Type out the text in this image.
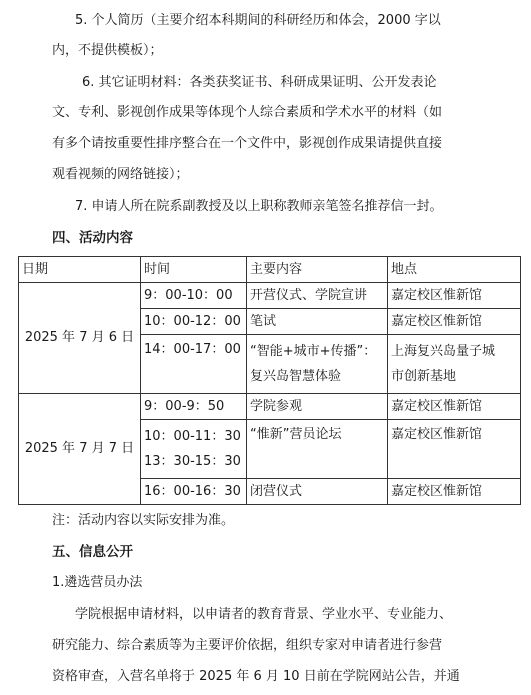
5. 个人简历（主要介绍本科期间的科研经历和体会，2000 字以
内，不提供模板）；
6. 其它证明材料：各类获奖证书、科研成果证明、公开发表论
文、专利、影视创作成果等体现个人综合素质和学术水平的材料（如
有多个请按重要性排序整合在一个文件中，影视创作成果请提供直接
观看视频的网络链接）；
7. 申请人所在院系副教授及以上职称教师亲笔签名推荐信一封。
四、活动内容
日期	时间	主要内容	地点
2025 年 7 月 6 日	9：00-10：00	开营仪式、学院宣讲	嘉定校区惟新馆
	10：00-12：00	笔试	嘉定校区惟新馆
	14：00-17：00	“智能+城市+传播”：
复兴岛智慧体验	上海复兴岛量子城
市创新基地

2025 年 7 月 7 日	9：00-9：50	学院参观	嘉定校区惟新馆

	10：00-11：30
13：30-15：30	“惟新”营员论坛	嘉定校区惟新馆
	16：00-16：30	闭营仪式	嘉定校区惟新馆
注：活动内容以实际安排为准。
五、信息公开
1.遴选营员办法
学院根据申请材料，以申请者的教育背景、学业水平、专业能力、
研究能力、综合素质等为主要评价依据，组织专家对申请者进行参营
资格审查，入营名单将于 2025 年 6 月 10 日前在学院网站公告，并通
